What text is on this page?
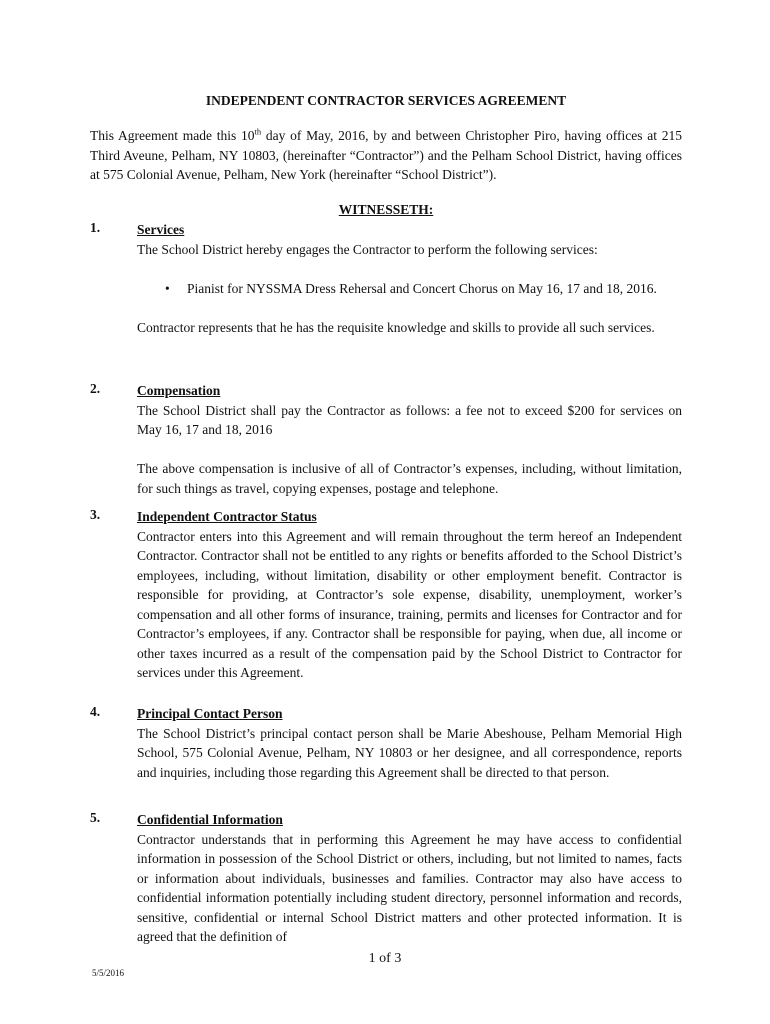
INDEPENDENT CONTRACTOR SERVICES AGREEMENT
This Agreement made this 10th day of May, 2016, by and between Christopher Piro, having offices at 215 Third Aveune, Pelham, NY 10803, (hereinafter “Contractor”) and the Pelham School District, having offices at 575 Colonial Avenue, Pelham, New York (hereinafter “School District”).
WITNESSETH:
1.	Services

The School District hereby engages the Contractor to perform the following services:

• Pianist for NYSSMA Dress Rehersal and Concert Chorus on May 16, 17 and 18, 2016.

Contractor represents that he has the requisite knowledge and skills to provide all such services.

2.	Compensation

The School District shall pay the Contractor as follows: a fee not to exceed $200 for services on May 16, 17 and 18, 2016

The above compensation is inclusive of all of Contractor’s expenses, including, without limitation, for such things as travel, copying expenses, postage and telephone.

3.	Independent Contractor Status

Contractor enters into this Agreement and will remain throughout the term hereof an Independent Contractor. Contractor shall not be entitled to any rights or benefits afforded to the School District’s employees, including, without limitation, disability or other employment benefit. Contractor is responsible for providing, at Contractor’s sole expense, disability, unemployment, worker’s compensation and all other forms of insurance, training, permits and licenses for Contractor and for Contractor’s employees, if any. Contractor shall be responsible for paying, when due, all income or other taxes incurred as a result of the compensation paid by the School District to Contractor for services under this Agreement.

4.	Principal Contact Person

The School District’s principal contact person shall be Marie Abeshouse, Pelham Memorial High School, 575 Colonial Avenue, Pelham, NY 10803 or her designee, and all correspondence, reports and inquiries, including those regarding this Agreement shall be directed to that person.

5.	Confidential Information

Contractor understands that in performing this Agreement he may have access to confidential information in possession of the School District or others, including, but not limited to names, facts or information about individuals, businesses and families. Contractor may also have access to confidential information potentially including student directory, personnel information and records, sensitive, confidential or internal School District matters and other protected information. It is agreed that the definition of

1 of 3
5/5/2016
